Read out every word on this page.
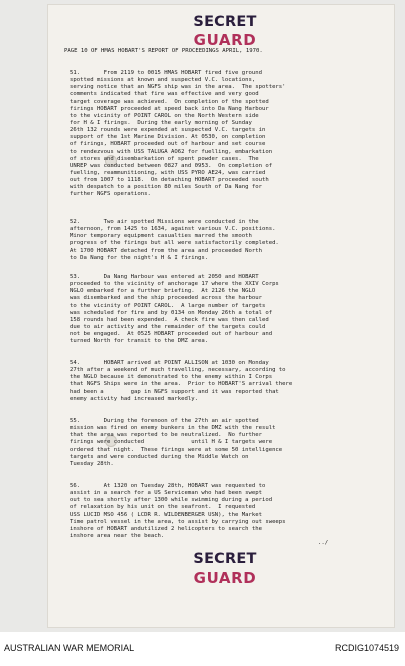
SECRET
GUARD
PAGE 10 OF HMAS HOBART'S REPORT OF PROCEEDINGS APRIL, 1970.
51.       From 2119 to 0015 HMAS HOBART fired five ground
spotted missions at known and suspected V.C. locations,
serving notice that an NGFS ship was in the area.  The spotters'
comments indicated that fire was effective and very good
target coverage was achieved.  On completion of the spotted
firings HOBART proceeded at speed back into Da Nang Harbour
to the vicinity of POINT CAROL on the North Western side
for H & I firings.  During the early morning of Sunday
26th 132 rounds were expended at suspected V.C. targets in
support of the 1st Marine Division. At 0530, on completion
of firings, HOBART proceeded out of harbour and set course
to rendezvous with USS TALUGA AO62 for fuelling, embarkation
of stores and disembarkation of spent powder cases.  The
UNREP was conducted between 0827 and 0953.  On completion of
fuelling, reammunitioning, with USS PYRO AE24, was carried
out from 1007 to 1118.  On detaching HOBART proceeded south
with despatch to a position 80 miles South of Da Nang for
further NGFS operations.
52.       Two air spotted Missions were conducted in the
afternoon, from 1425 to 1634, against various V.C. positions.
Minor temporary equipment casualties marred the smooth
progress of the firings but all were satisfactorily completed.
At 1700 HOBART detached from the area and proceeded North
to Da Nang for the night's H & I firings.
53.       Da Nang Harbour was entered at 2050 and HOBART
proceeded to the vicinity of anchorage 17 where the XXIV Corps
NGLO embarked for a further briefing.  At 2126 the NGLO
was disembarked and the ship proceeded across the harbour
to the vicinity of POINT CAROL.  A large number of targets
was scheduled for fire and by 0134 on Monday 26th a total of
158 rounds had been expended.  A check fire was then called
due to air activity and the remainder of the targets could
not be engaged.  At 0525 HOBART proceeded out of harbour and
turned North for transit to the DMZ area.
54.       HOBART arrived at POINT ALLISON at 1030 on Monday
27th after a weekend of much travelling, necessary, according to
the NGLO because it demonstrated to the enemy within I Corps
that NGFS Ships were in the area.  Prior to HOBART'S arrival there
had been a        gap in NGFS support and it was reported that
enemy activity had increased markedly.
55.       During the forenoon of the 27th an air spotted
mission was fired on enemy bunkers in the DMZ with the result
that the area was reported to be neutralized.  No further
firings were conducted              until H & I targets were
ordered that night.  These firings were at some 50 intelligence
targets and were conducted during the Middle Watch on
Tuesday 28th.
56.       At 1320 on Tuesday 28th, HOBART was requested to
assist in a search for a US Serviceman who had been swept
out to sea shortly after 1300 while swimming during a period
of relaxation by his unit on the seafront.  I requested
USS LUCID MSO 456 ( LCDR R. WILDENBERGER USN), the Market
Time patrol vessel in the area, to assist by carrying out sweeps
inshore of HOBART andutilized 2 helicopters to search the
inshore area near the beach.
../
SECRET
GUARD
AUSTRALIAN WAR MEMORIAL	RCDIG1074519
